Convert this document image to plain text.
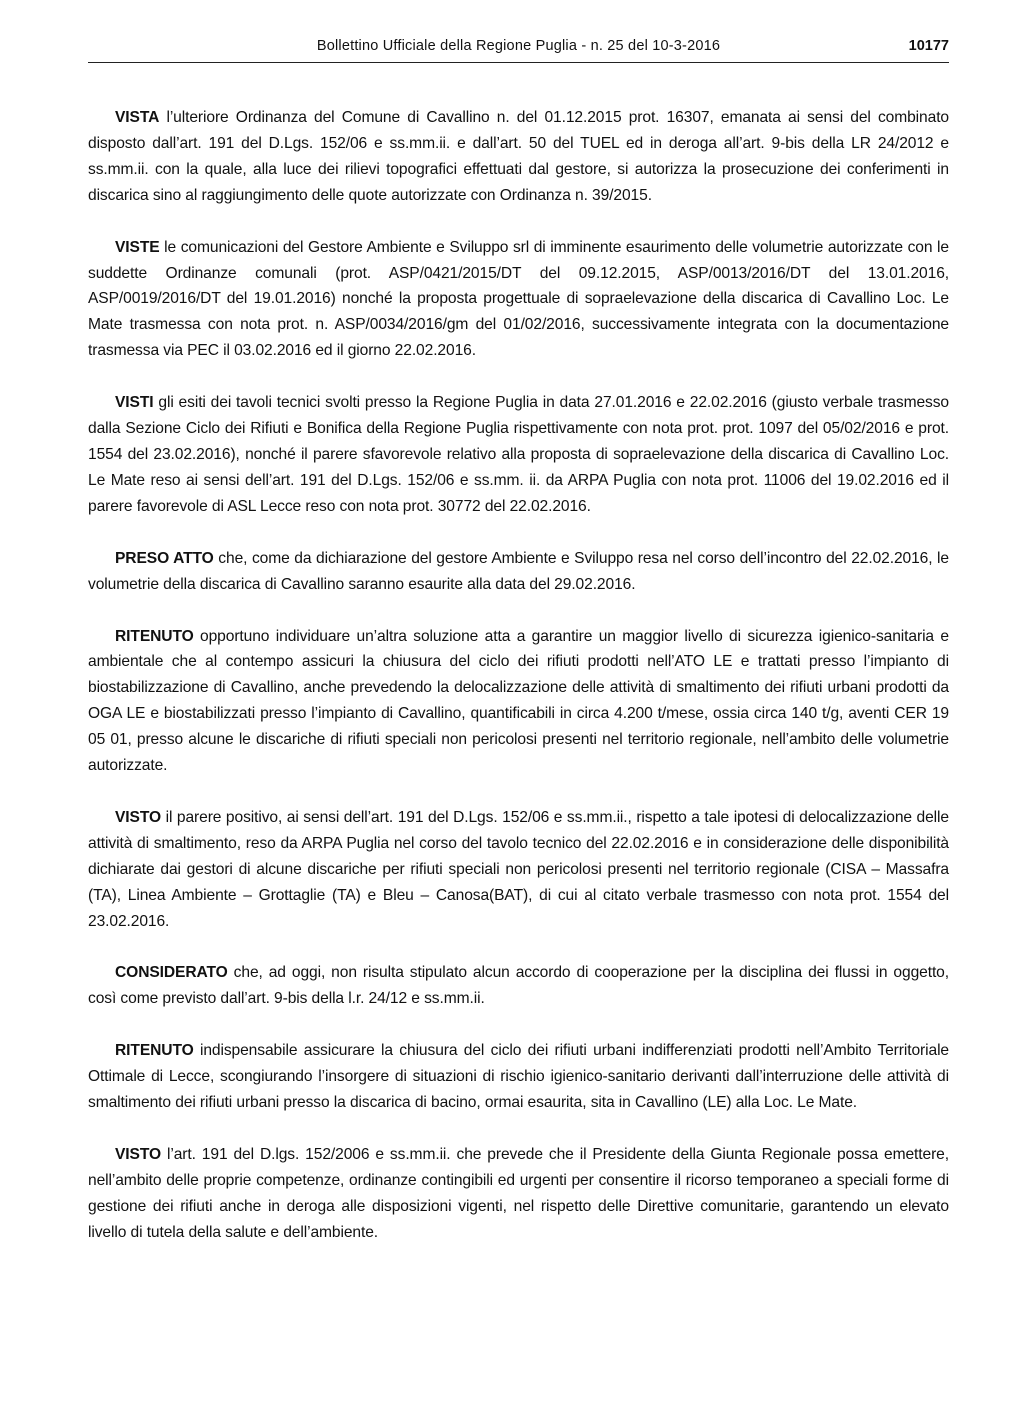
Bollettino Ufficiale della Regione Puglia - n. 25 del 10-3-2016	10177

VISTA l’ulteriore Ordinanza del Comune di Cavallino n. del 01.12.2015 prot. 16307, emanata ai sensi del combinato disposto dall’art. 191 del D.Lgs. 152/06 e ss.mm.ii. e dall’art. 50 del TUEL ed in deroga all’art. 9-bis della LR 24/2012 e ss.mm.ii. con la quale, alla luce dei rilievi topografici effettuati dal gestore, si autorizza la prosecuzione dei conferimenti in discarica sino al raggiungimento delle quote autorizzate con Ordinanza n. 39/2015.

VISTE le comunicazioni del Gestore Ambiente e Sviluppo srl di imminente esaurimento delle volumetrie autorizzate con le suddette Ordinanze comunali (prot. ASP/0421/2015/DT del 09.12.2015, ASP/0013/2016/DT del 13.01.2016, ASP/0019/2016/DT del 19.01.2016) nonché la proposta progettuale di sopraelevazione della discarica di Cavallino Loc. Le Mate trasmessa con nota prot. n. ASP/0034/2016/gm del 01/02/2016, successivamente integrata con la documentazione trasmessa via PEC il 03.02.2016 ed il giorno 22.02.2016.

VISTI gli esiti dei tavoli tecnici svolti presso la Regione Puglia in data 27.01.2016 e 22.02.2016 (giusto verbale trasmesso dalla Sezione Ciclo dei Rifiuti e Bonifica della Regione Puglia rispettivamente con nota prot. prot. 1097 del 05/02/2016 e prot. 1554 del 23.02.2016), nonché il parere sfavorevole relativo alla proposta di sopraelevazione della discarica di Cavallino Loc. Le Mate reso ai sensi dell’art. 191 del D.Lgs. 152/06 e ss.mm. ii. da ARPA Puglia con nota prot. 11006 del 19.02.2016 ed il parere favorevole di ASL Lecce reso con nota prot. 30772 del 22.02.2016.

PRESO ATTO che, come da dichiarazione del gestore Ambiente e Sviluppo resa nel corso dell’incontro del 22.02.2016, le volumetrie della discarica di Cavallino saranno esaurite alla data del 29.02.2016.

RITENUTO opportuno individuare un’altra soluzione atta a garantire un maggior livello di sicurezza igienico-sanitaria e ambientale che al contempo assicuri la chiusura del ciclo dei rifiuti prodotti nell’ATO LE e trattati presso l’impianto di biostabilizzazione di Cavallino, anche prevedendo la delocalizzazione delle attività di smaltimento dei rifiuti urbani prodotti da OGA LE e biostabilizzati presso l’impianto di Cavallino, quantificabili in circa 4.200 t/mese, ossia circa 140 t/g, aventi CER 19 05 01, presso alcune le discariche di rifiuti speciali non pericolosi presenti nel territorio regionale, nell’ambito delle volumetrie autorizzate.

VISTO il parere positivo, ai sensi dell’art. 191 del D.Lgs. 152/06 e ss.mm.ii., rispetto a tale ipotesi di delocalizzazione delle attività di smaltimento, reso da ARPA Puglia nel corso del tavolo tecnico del 22.02.2016 e in considerazione delle disponibilità dichiarate dai gestori di alcune discariche per rifiuti speciali non pericolosi presenti nel territorio regionale (CISA – Massafra (TA), Linea Ambiente – Grottaglie (TA) e Bleu – Canosa(BAT), di cui al citato verbale trasmesso con nota prot. 1554 del 23.02.2016.

CONSIDERATO che, ad oggi, non risulta stipulato alcun accordo di cooperazione per la disciplina dei flussi in oggetto, così come previsto dall’art. 9-bis della l.r. 24/12 e ss.mm.ii.

RITENUTO indispensabile assicurare la chiusura del ciclo dei rifiuti urbani indifferenziati prodotti nell’Ambito Territoriale Ottimale di Lecce, scongiurando l’insorgere di situazioni di rischio igienico-sanitario derivanti dall’interruzione delle attività di smaltimento dei rifiuti urbani presso la discarica di bacino, ormai esaurita, sita in Cavallino (LE) alla Loc. Le Mate.

VISTO l’art. 191 del D.lgs. 152/2006 e ss.mm.ii. che prevede che il Presidente della Giunta Regionale possa emettere, nell’ambito delle proprie competenze, ordinanze contingibili ed urgenti per consentire il ricorso temporaneo a speciali forme di gestione dei rifiuti anche in deroga alle disposizioni vigenti, nel rispetto delle Direttive comunitarie, garantendo un elevato livello di tutela della salute e dell’ambiente.
